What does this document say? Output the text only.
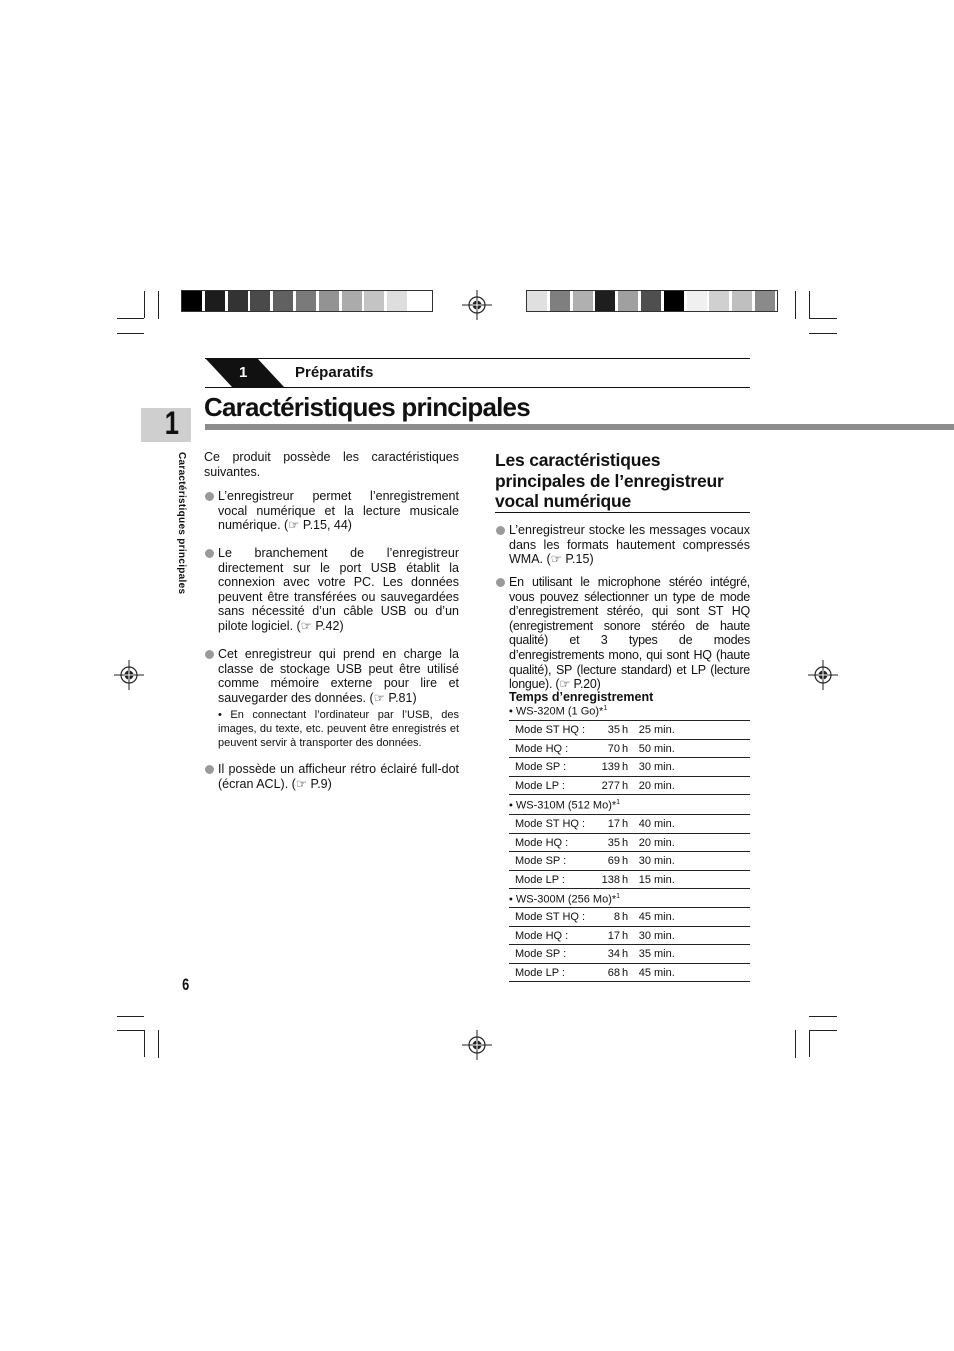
1	Préparatifs
1
Caractéristiques principales
Caractéristiques principales

Ce produit possède les caractéristiques suivantes.

L’enregistreur permet l’enregistrement vocal numérique et la lecture musicale numérique. (☞ P.15, 44)

Le branchement de l’enregistreur directement sur le port USB établit la connexion avec votre PC. Les données peuvent être transférées ou sauvegardées sans nécessité d’un câble USB ou d’un pilote logiciel. (☞ P.42)

Cet enregistreur qui prend en charge la classe de stockage USB peut être utilisé comme mémoire externe pour lire et sauvegarder des données. (☞ P.81)

• En connectant l’ordinateur par l’USB, des images, du texte, etc. peuvent être enregistrés et peuvent servir à transporter des données.

Il possède un afficheur rétro éclairé full-dot (écran ACL). (☞ P.9)

Les caractéristiques principales de l’enregistreur vocal numérique

L’enregistreur stocke les messages vocaux dans les formats hautement compressés WMA. (☞ P.15)

En utilisant le microphone stéréo intégré, vous pouvez sélectionner un type de mode d’enregistrement stéréo, qui sont ST HQ (enregistrement sonore stéréo de haute qualité) et 3 types de modes d’enregistrements mono, qui sont HQ (haute qualité), SP (lecture standard) et LP (lecture longue). (☞ P.20)

Temps d’enregistrement
• WS-320M (1 Go)*$^1$
Mode ST HQ : 35 h 25 min.
Mode HQ :	70 h 50 min.
Mode SP :	139 h 30 min.
Mode LP :	277 h 20 min.
• WS-310M (512 Mo)*$^1$
Mode ST HQ : 17 h 40 min.
Mode HQ :	35 h 20 min.
Mode SP :	69 h 30 min.
Mode LP :	138 h 15 min.
• WS-300M (256 Mo)*$^1$
Mode ST HQ :	8 h 45 min.
Mode HQ :	17 h 30 min.
Mode SP :	34 h 35 min.
Mode LP :	68 h 45 min.
6
